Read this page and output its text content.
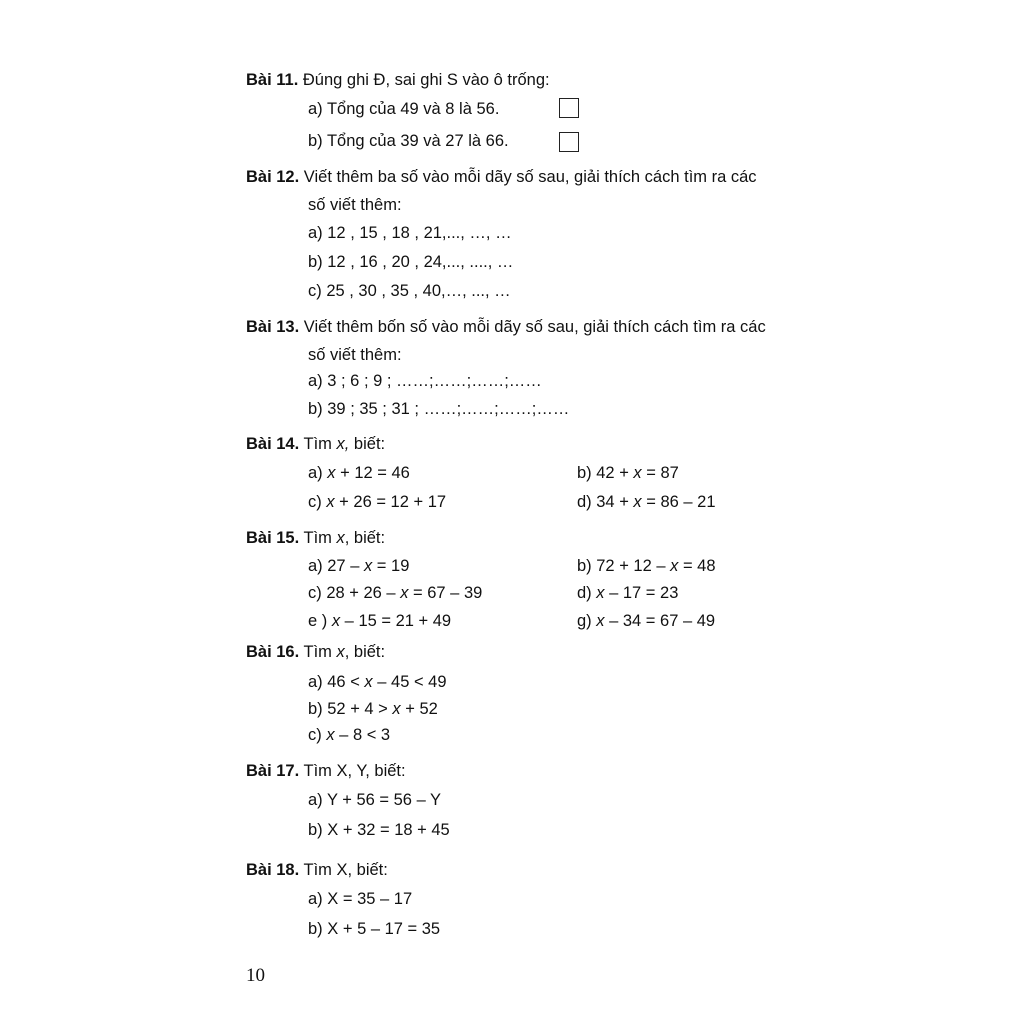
Bài 11. Đúng ghi Đ, sai ghi S vào ô trống:

a) Tổng của 49 và 8 là 56.

b) Tổng của 39 và 27 là 66.

Bài 12. Viết thêm ba số vào mỗi dãy số sau, giải thích cách tìm ra các

số viết thêm:

a) 12 , 15 , 18 , 21,..., …, …

b) 12 , 16 , 20 , 24,..., ...., …

c) 25 , 30 , 35 , 40,…, ..., …

Bài 13. Viết thêm bốn số vào mỗi dãy số sau, giải thích cách tìm ra các

số viết thêm:

a) 3 ; 6 ; 9 ; ……;……;……;……

b) 39 ; 35 ; 31 ; ……;……;……;……

Bài 14. Tìm x, biết:

a) x + 12 = 46	b) 42 + x = 87

c) x + 26 = 12 + 17	d) 34 + x = 86 – 21

Bài 15. Tìm x, biết:

a) 27 – x = 19	b) 72 + 12 – x = 48

c) 28 + 26 – x = 67 – 39	d) x – 17 = 23

e ) x – 15 = 21 + 49	g) x – 34 = 67 – 49

Bài 16. Tìm x, biết:

a) 46 < x – 45 < 49

b) 52 + 4 > x + 52

c) x – 8 < 3

Bài 17. Tìm X, Y, biết:

a) Y + 56 = 56 – Y

b) X + 32 = 18 + 45

Bài 18. Tìm X, biết:

a) X = 35 – 17

b) X + 5 – 17 = 35

10
